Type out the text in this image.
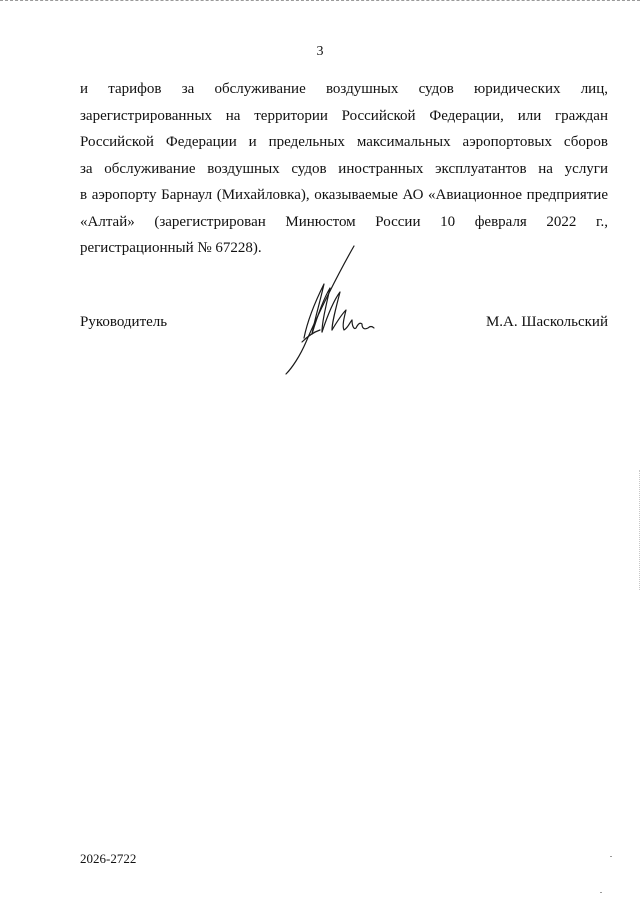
3
и тарифов за обслуживание воздушных судов юридических лиц,
зарегистрированных на территории Российской Федерации, или граждан
Российской Федерации и предельных максимальных аэропортовых сборов
за обслуживание воздушных судов иностранных эксплуатантов на услуги
в аэропорту Барнаул (Михайловка), оказываемые АО «Авиационное предприятие
«Алтай» (зарегистрирован Минюстом России 10 февраля 2022 г.,
регистрационный № 67228).
Руководитель	М.А. Шаскольский
2026-2722
